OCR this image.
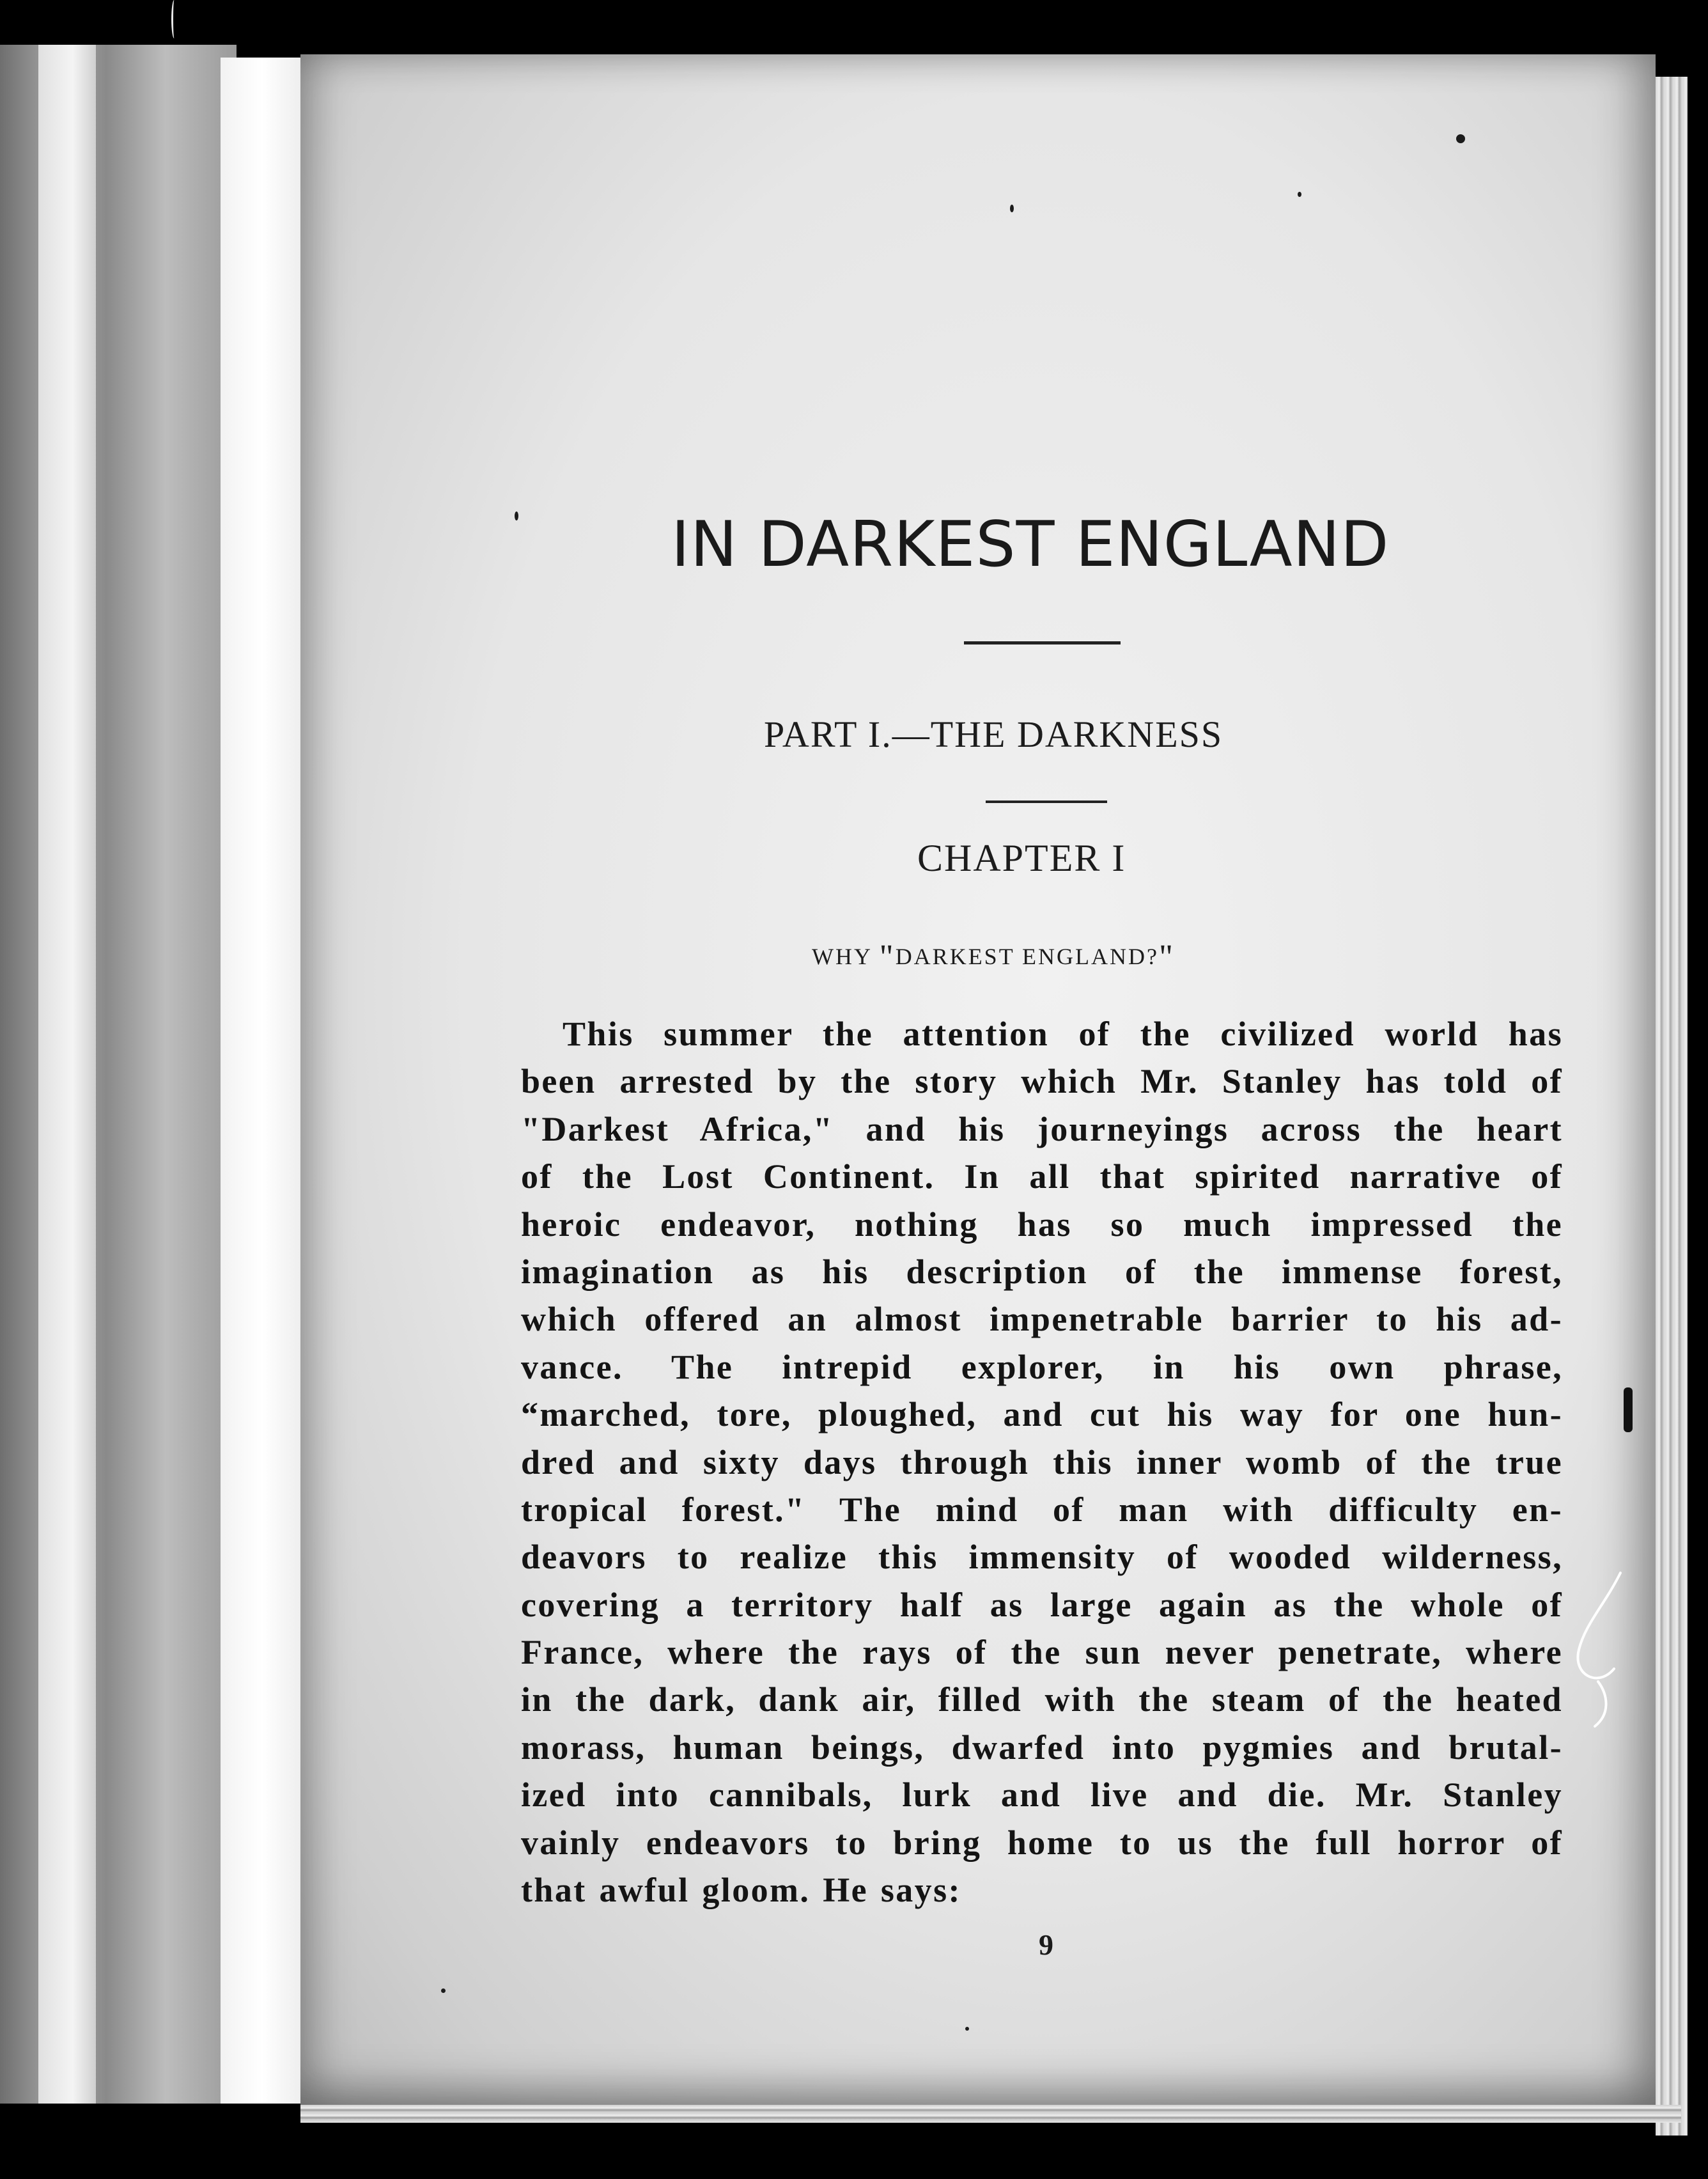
IN DARKEST ENGLAND
PART I.—THE DARKNESS
CHAPTER I

WHY "DARKEST ENGLAND?"

This summer the attention of the civilized world has
been arrested by the story which Mr. Stanley has told of
"Darkest Africa," and his journeyings across the heart
of the Lost Continent. In all that spirited narrative of
heroic endeavor, nothing has so much impressed the
imagination as his description of the immense forest,
which offered an almost impenetrable barrier to his ad-
vance. The intrepid explorer, in his own phrase,
“marched, tore, ploughed, and cut his way for one hun-
dred and sixty days through this inner womb of the true
tropical forest." The mind of man with difficulty en-
deavors to realize this immensity of wooded wilderness,
covering a territory half as large again as the whole of
France, where the rays of the sun never penetrate, where
in the dark, dank air, filled with the steam of the heated
morass, human beings, dwarfed into pygmies and brutal-
ized into cannibals, lurk and live and die. Mr. Stanley
vainly endeavors to bring home to us the full horror of
that awful gloom. He says:

9
